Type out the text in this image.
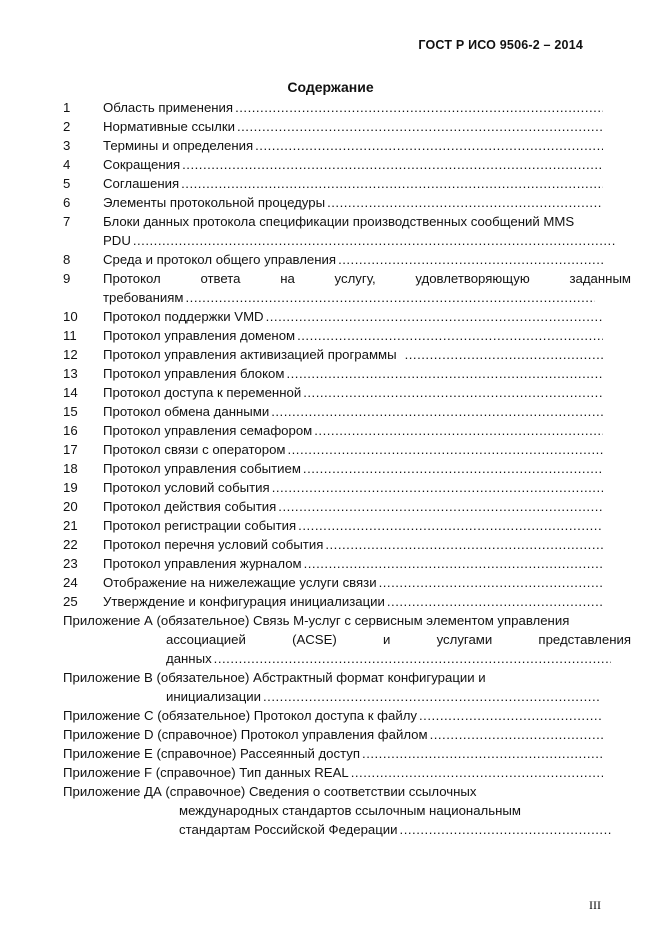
ГОСТ Р ИСО 9506-2 – 2014
Содержание
1	Область применения
.....
2	Нормативные ссылки
.....
3	Термины и определения
.....
4	Сокращения
.....
5	Соглашения
.....
6	Элементы протокольной процедуры
.....
7	Блоки данных протокола спецификации производственных сообщений MMS
PDU
.....
8	Среда и протокол общего управления
.....
9	Протокол ответа на услугу, удовлетворяющую заданным
требованиям
.....
10	Протокол поддержки VMD
.....
11	Протокол управления доменом
.....
12	Протокол управления активизацией программы
.....
13	Протокол управления блоком
.....
14	Протокол доступа к переменной
.....
15	Протокол обмена данными
.....
16	Протокол управления семафором
.....
17	Протокол связи с оператором
.....
18	Протокол управления событием
.....
19	Протокол условий события
.....
20	Протокол действия события
.....
21	Протокол регистрации события
.....
22	Протокол перечня условий события
.....
23	Протокол управления журналом
.....
24	Отображение на нижележащие услуги связи
.....
25	Утверждение и конфигурация инициализации
.....
Приложение А (обязательное) Связь M-услуг с сервисным элементом управления
ассоциацией (ACSE) и услугами представления
данных
.....
Приложение В (обязательное) Абстрактный формат конфигурации и
инициализации
.....
Приложение С (обязательное) Протокол доступа к файлу
.....
Приложение D (справочное) Протокол управления файлом
.....
Приложение Е (справочное) Рассеянный доступ
.....
Приложение F (справочное) Тип данных REAL
.....
Приложение ДА (справочное) Сведения о соответствии ссылочных
международных стандартов ссылочным национальным
стандартам Российской Федерации
.....
III
